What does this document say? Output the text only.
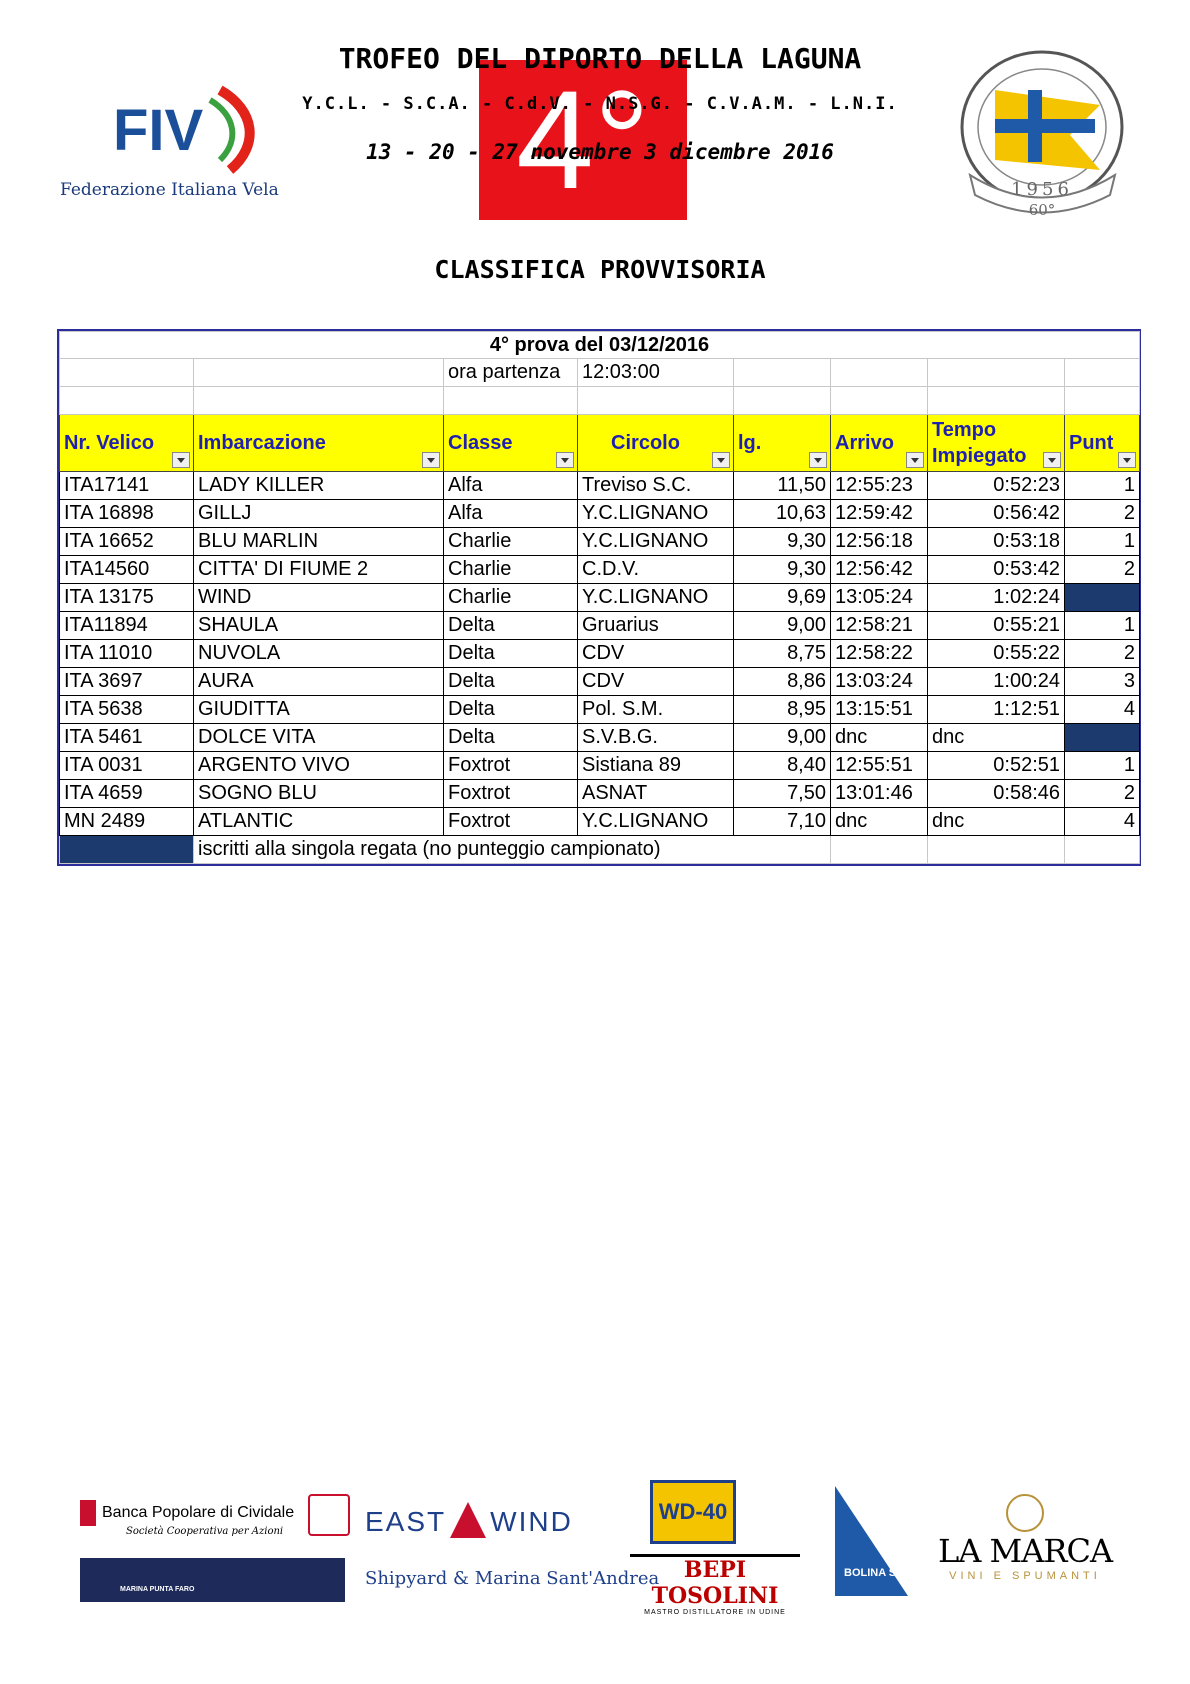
FIV
Federazione Italiana Vela 4°
TROFEO DEL DIPORTO DELLA LAGUNA
Y.C.L. - S.C.A. - C.d.V. - N.S.G. - C.V.A.M. - L.N.I.
13 - 20 - 27 novembre 3 dicembre 2016
1956
60°
CLASSIFICA PROVVISORIA
4° prova del 03/12/2016							
		ora partenza	12:03:00				

Nr. Velico	Imbarcazione	Classe	Circolo	lg.	Arrivo	Tempo Impiegato	Punt

ITA17141	LADY KILLER	Alfa	Treviso S.C.	11,50	12:55:23	0:52:23	1
ITA 16898	GILLJ	Alfa	Y.C.LIGNANO	10,63	12:59:42	0:56:42	2
ITA 16652	BLU MARLIN	Charlie	Y.C.LIGNANO	9,30	12:56:18	0:53:18	1
ITA14560	CITTA' DI FIUME 2	Charlie	C.D.V.	9,30	12:56:42	0:53:42	2
ITA 13175	WIND	Charlie	Y.C.LIGNANO	9,69	13:05:24	1:02:24	
ITA11894	SHAULA	Delta	Gruarius	9,00	12:58:21	0:55:21	1
ITA 11010	NUVOLA	Delta	CDV	8,75	12:58:22	0:55:22	2
ITA 3697	AURA	Delta	CDV	8,86	13:03:24	1:00:24	3
ITA 5638	GIUDITTA	Delta	Pol. S.M.	8,95	13:15:51	1:12:51	4
ITA 5461	DOLCE VITA	Delta	S.V.B.G.	9,00	dnc	dnc	
ITA 0031	ARGENTO VIVO	Foxtrot	Sistiana 89	8,40	12:55:51	0:52:51	1
ITA 4659	SOGNO BLU	Foxtrot	ASNAT	7,50	13:01:46	0:58:46	2
MN 2489	ATLANTIC	Foxtrot	Y.C.LIGNANO	7,10	dnc	dnc	4
	iscritti alla singola regata (no punteggio campionato)						
Banca Popolare di Cividale
Società Cooperativa per Azioni	EAST WIND
MARINA PUNTA FARO
Shipyard & Marina Sant'Andrea
WD-40
BEPI TOSOLINI
MASTRO DISTILLATORE IN UDINE
BOLINA SAIL
LA MARCA
VINI E SPUMANTI
